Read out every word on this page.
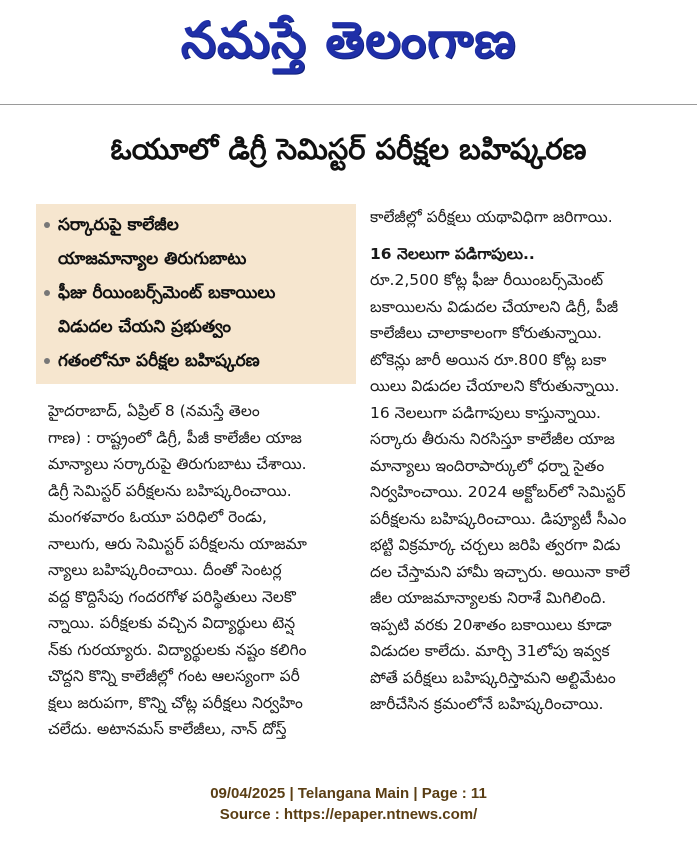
నమస్తే తెలంగాణ
ఓయూలో డిగ్రీ సెమిస్టర్ పరీక్షల బహిష్కరణ
సర్కారుపై కాలేజీల
యాజమాన్యాల తిరుగుబాటు
ఫీజు రీయింబర్స్‌మెంట్ బకాయిలు
విడుదల చేయని ప్రభుత్వం
గతంలోనూ పరీక్షల బహిష్కరణ
హైదరాబాద్, ఏప్రిల్ 8 (నమస్తే తెలం
గాణ) : రాష్ట్రంలో డిగ్రీ, పీజీ కాలేజీల యాజ
మాన్యాలు సర్కారుపై తిరుగుబాటు చేశాయి.
డిగ్రీ సెమిస్టర్ పరీక్షలను బహిష్కరించాయి.
మంగళవారం ఓయూ పరిధిలో రెండు,
నాలుగు, ఆరు సెమిస్టర్ పరీక్షలను యాజమా
న్యాలు బహిష్కరించాయి. దీంతో సెంటర్ల
వద్ద కొద్దిసేపు గందరగోళ పరిస్థితులు నెలకొ
న్నాయి. పరీక్షలకు వచ్చిన విద్యార్థులు టెన్ష
న్‌కు గురయ్యారు. విద్యార్థులకు నష్టం కలిగిం
చొద్దని కొన్ని కాలేజీల్లో గంట ఆలస్యంగా పరీ
క్షలు జరుపగా, కొన్ని చోట్ల పరీక్షలు నిర్వహిం
చలేదు. అటానమస్ కాలేజీలు, నాన్ దోస్త్
కాలేజీల్లో పరీక్షలు యథావిధిగా జరిగాయి.
16 నెలలుగా పడిగాపులు..
రూ.2,500 కోట్ల ఫీజు రీయింబర్స్‌మెంట్
బకాయిలను విడుదల చేయాలని డిగ్రీ, పీజీ
కాలేజీలు చాలాకాలంగా కోరుతున్నాయి.
టోకెన్లు జారీ అయిన రూ.800 కోట్ల బకా
యిలు విడుదల చేయాలని కోరుతున్నాయి.
16 నెలలుగా పడిగాపులు కాస్తున్నాయి.
సర్కారు తీరును నిరసిస్తూ కాలేజీల యాజ
మాన్యాలు ఇందిరాపార్కులో ధర్నా సైతం
నిర్వహించాయి. 2024 అక్టోబర్‌లో సెమిస్టర్
పరీక్షలను బహిష్కరించాయి. డిప్యూటీ సీఎం
భట్టి విక్రమార్క చర్చలు జరిపి త్వరగా విడు
దల చేస్తామని హామీ ఇచ్చారు. అయినా కాలే
జీల యాజమాన్యాలకు నిరాశే మిగిలింది.
ఇప్పటి వరకు 20శాతం బకాయిలు కూడా
విడుదల కాలేదు. మార్చి 31లోపు ఇవ్వక
పోతే పరీక్షలు బహిష్కరిస్తామని అల్టిమేటం
జారీచేసిన క్రమంలోనే బహిష్కరించాయి.
09/04/2025 | Telangana Main | Page : 11
Source : https://epaper.ntnews.com/
